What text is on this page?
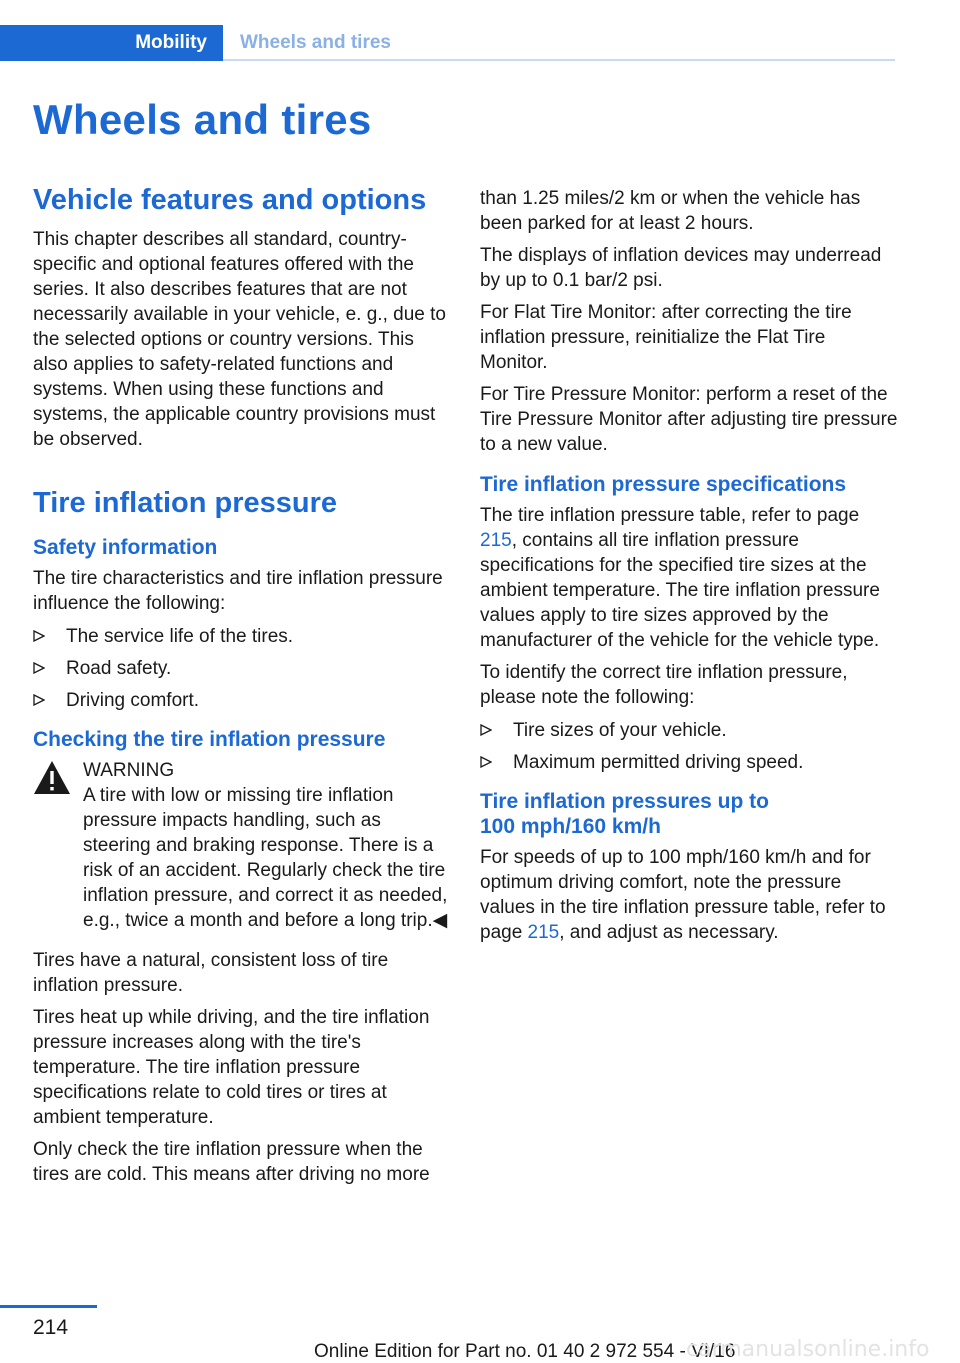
Mobility	Wheels and tires
Wheels and tires
Vehicle features and options

This chapter describes all standard, country-specific and optional features offered with the series. It also describes features that are not necessarily available in your vehicle, e. g., due to the selected options or country versions. This also applies to safety-related functions and systems. When using these functions and systems, the applicable country provisions must be observed.

Tire inflation pressure
Safety information

The tire characteristics and tire inflation pressure influence the following:

The service life of the tires.
Road safety.
Driving comfort.
Checking the tire inflation pressure
WARNING
A tire with low or missing tire inflation pressure impacts handling, such as steering and braking response. There is a risk of an accident. Regularly check the tire inflation pressure, and correct it as needed, e.g., twice a month and before a long trip.◀

Tires have a natural, consistent loss of tire inflation pressure.

Tires heat up while driving, and the tire inflation pressure increases along with the tire's temperature. The tire inflation pressure specifications relate to cold tires or tires at ambient temperature.

Only check the tire inflation pressure when the tires are cold. This means after driving no more

than 1.25 miles/2 km or when the vehicle has been parked for at least 2 hours.

The displays of inflation devices may underread by up to 0.1 bar/2 psi.

For Flat Tire Monitor: after correcting the tire inflation pressure, reinitialize the Flat Tire Monitor.

For Tire Pressure Monitor: perform a reset of the Tire Pressure Monitor after adjusting tire pressure to a new value.

Tire inflation pressure specifications

The tire inflation pressure table, refer to page 215, contains all tire inflation pressure specifications for the specified tire sizes at the ambient temperature. The tire inflation pressure values apply to tire sizes approved by the manufacturer of the vehicle for the vehicle type.

To identify the correct tire inflation pressure, please note the following:

Tire sizes of your vehicle.
Maximum permitted driving speed.
Tire inflation pressures up to
100 mph/160 km/h

For speeds of up to 100 mph/160 km/h and for optimum driving comfort, note the pressure values in the tire inflation pressure table, refer to page 215, and adjust as necessary.

214
Online Edition for Part no. 01 40 2 972 554 - VI/16
carmanualsonline.info
